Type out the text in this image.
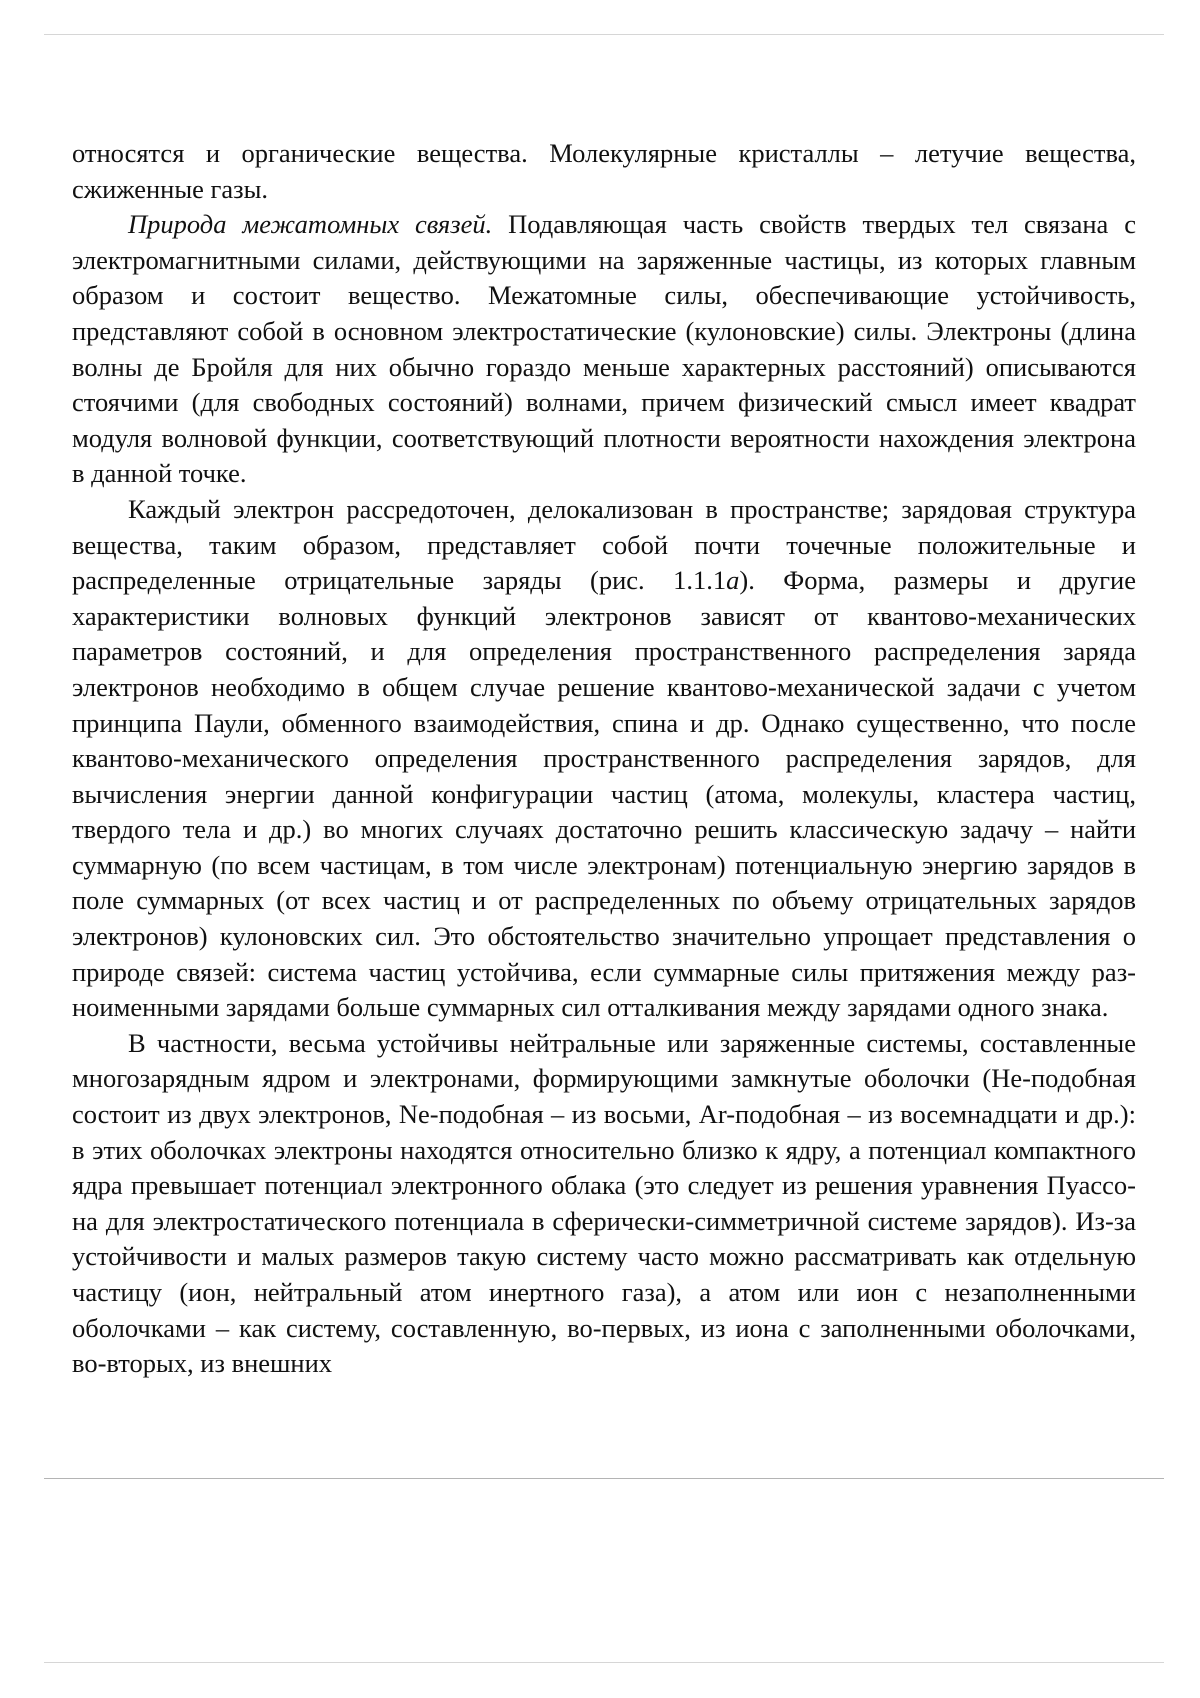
относятся и органические вещества. Молекулярные кристаллы – летучие ве­щества, сжиженные газы.

Природа межатомных связей. Подавляющая часть свойств твердых тел связана с электромагнитными силами, действующими на заряженные части­цы, из которых главным образом и состоит вещество. Межатомные силы, обеспечивающие устойчивость, представляют собой в основном электроста­тические (кулоновские) силы. Электроны (длина волны де Бройля для них обычно гораздо меньше характерных расстояний) описываются стоячими (для свободных состояний) волнами, причем физический смысл имеет квад­рат модуля волновой функции, соответствующий плотности вероятности на­хождения электрона в данной точке.

Каждый электрон рассредоточен, делокализован в пространстве; зарядо­вая структура вещества, таким образом, представляет собой почти точечные положительные и распределенные отрицательные заряды (рис. 1.1.1а). Фор­ма, размеры и другие характеристики волновых функций электронов зависят от квантово-механических параметров состояний, и для определения про­странственного распределения заряда электронов необходимо в общем слу­чае решение квантово-механической задачи с учетом принципа Паули, об­менного взаимодействия, спина и др. Однако существенно, что после кванто­во-механического определения пространственного распределения зарядов, для вычисления энергии данной конфигурации частиц (атома, молекулы, кла­стера частиц, твердого тела и др.) во многих случаях достаточно решить клас­сическую задачу – найти суммарную (по всем частицам, в том числе электро­нам) потенциальную энергию зарядов в поле суммарных (от всех частиц и от распределенных по объему отрицательных зарядов электронов) кулоновских сил. Это обстоятельство значительно упрощает представления о природе свя­зей: система частиц устойчива, если суммарные силы притяжения между раз­ноименными зарядами больше суммарных сил отталкивания между зарядами одного знака.

В частности, весьма устойчивы нейтральные или заряженные системы, составленные многозарядным ядром и электронами, формирующими замкну­тые оболочки (He-подобная состоит из двух электронов, Ne-подобная – из во­сьми, Ar-подобная – из восемнадцати и др.): в этих оболочках электроны на­ходятся относительно близко к ядру, а потенциал компактного ядра превыша­ет потенциал электронного облака (это следует из решения уравнения Пуассо­на для электростатического потенциала в сферически-симметричной системе зарядов). Из-за устойчивости и малых размеров такую систему часто можно рассматривать как отдельную частицу (ион, нейтральный атом инертного газа), а атом или ион с незаполненными оболочками – как систему, составлен­ную, во-первых, из иона с заполненными оболочками, во-вторых, из внешних
